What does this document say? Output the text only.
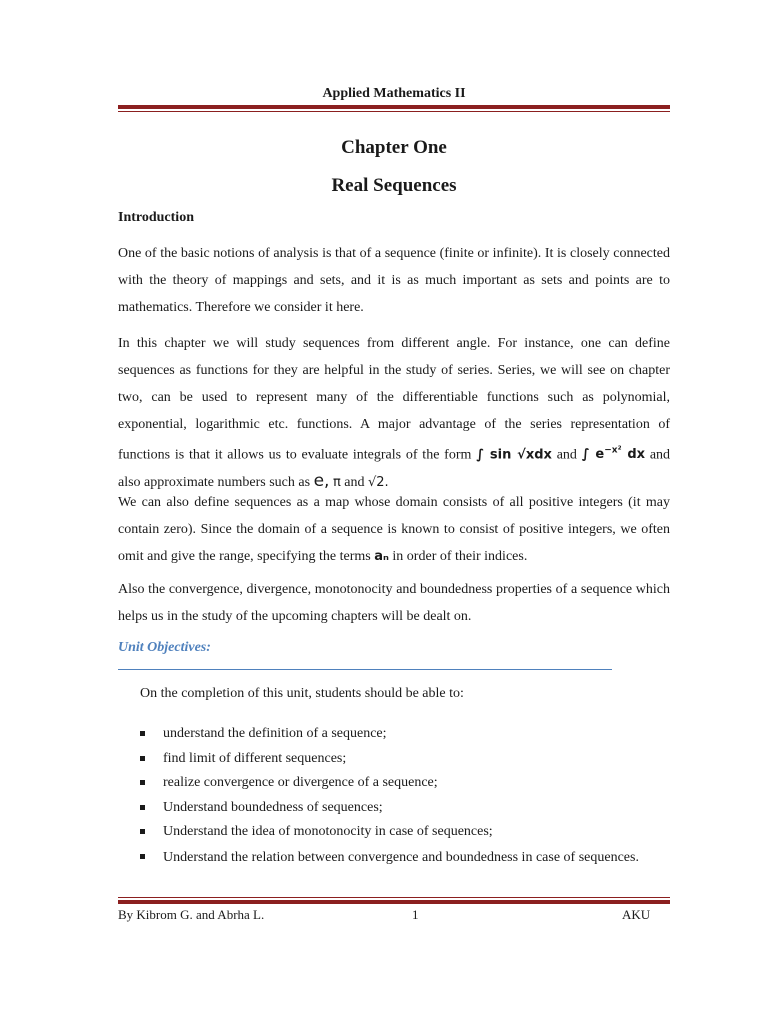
Applied Mathematics II
Chapter One
Real Sequences
Introduction
One of the basic notions of analysis is that of a sequence (finite or infinite). It is closely connected with the theory of mappings and sets, and it is as much important as sets and points are to mathematics. Therefore we consider it here.
In this chapter we will study sequences from different angle. For instance, one can define sequences as functions for they are helpful in the study of series. Series, we will see on chapter two, can be used to represent many of the differentiable functions such as polynomial, exponential, logarithmic etc. functions. A major advantage of the series representation of functions is that it allows us to evaluate integrals of the form ∫ sin √xdx and ∫ $e^{-x^2}$ dx and also approximate numbers such as e, π and √2.
We can also define sequences as a map whose domain consists of all positive integers (it may contain zero). Since the domain of a sequence is known to consist of positive integers, we often omit and give the range, specifying the terms aₙ in order of their indices.
Also the convergence, divergence, monotonocity and boundedness properties of a sequence which helps us in the study of the upcoming chapters will be dealt on.
Unit Objectives:
On the completion of this unit, students should be able to:
understand the definition of a sequence;
find limit of different sequences;
realize convergence or divergence of a sequence;
Understand boundedness of sequences;
Understand the idea of monotonocity in case of sequences;
Understand the relation between convergence and boundedness in case of sequences.
By Kibrom G. and Abrha L.	1	AKU
